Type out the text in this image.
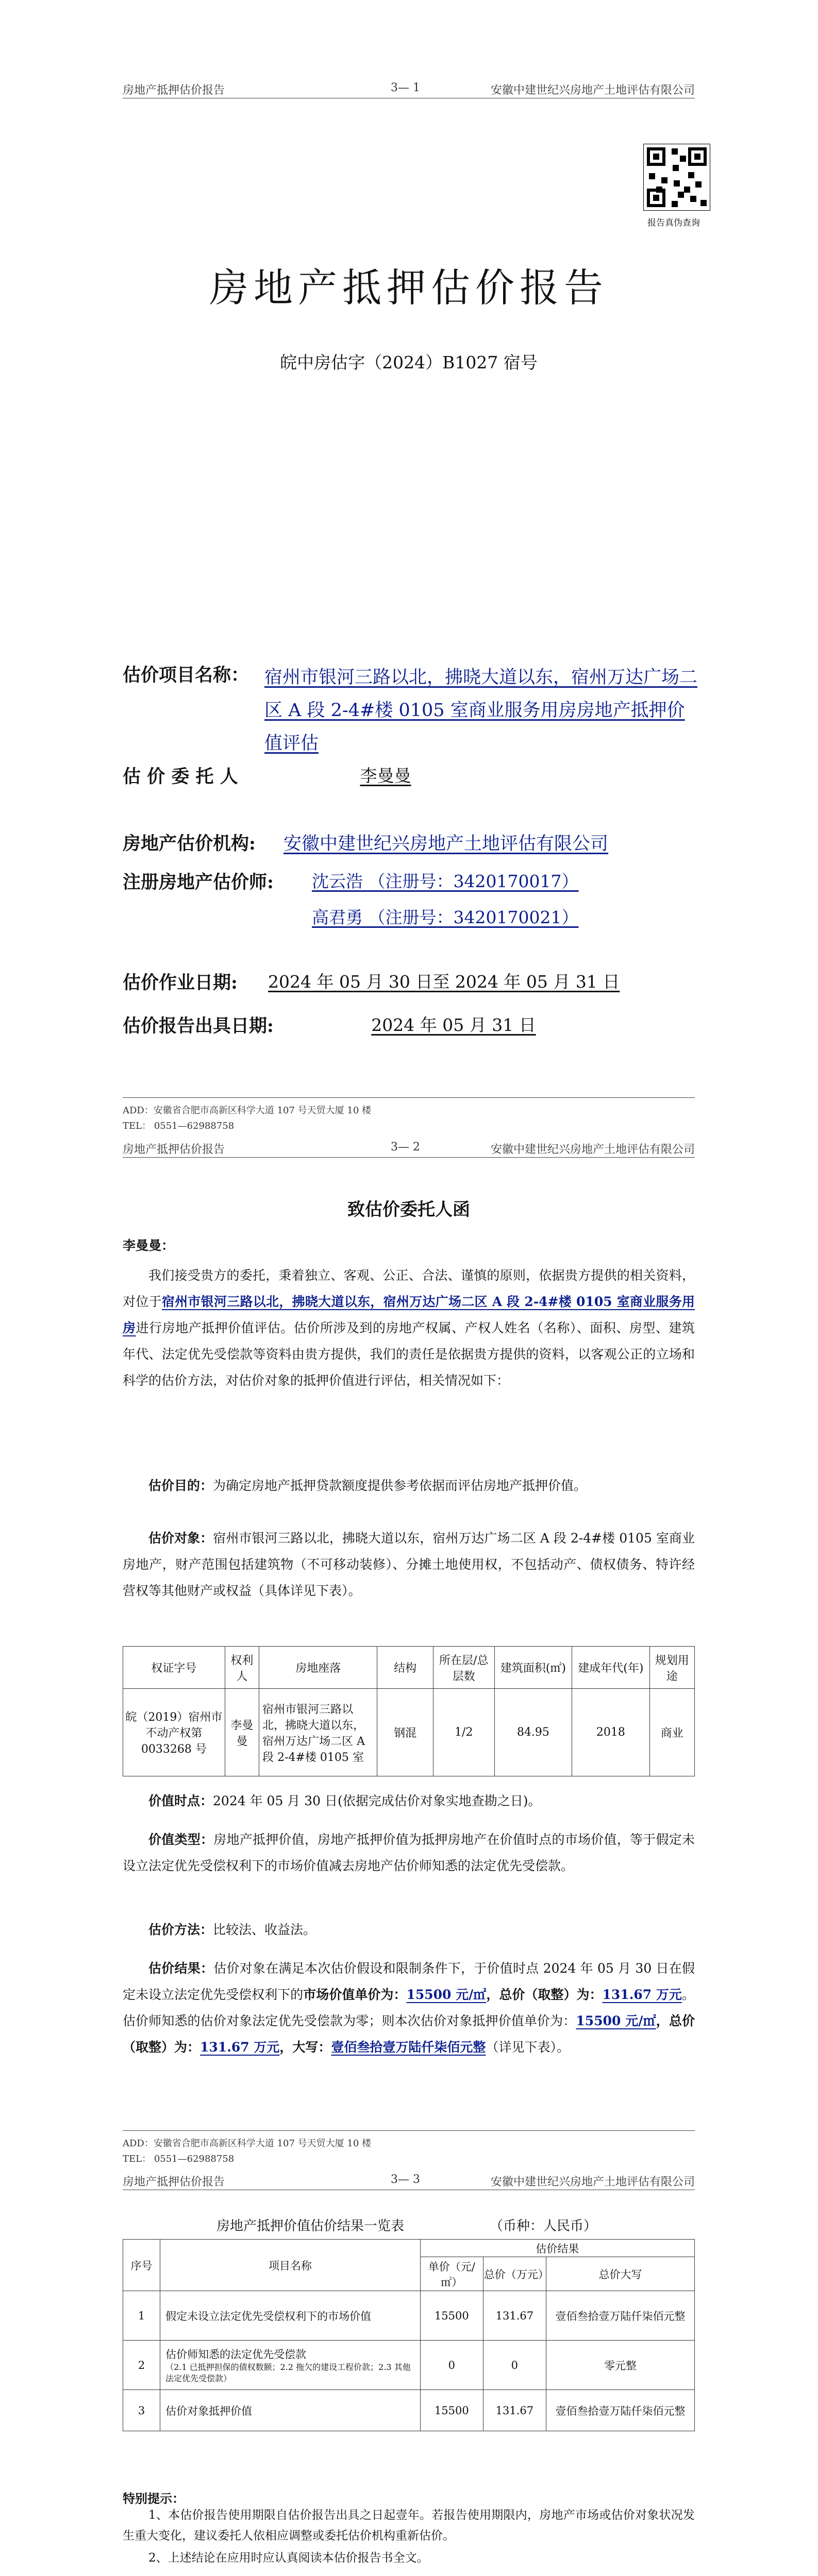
房地产抵押估价报告	3— 1	安徽中建世纪兴房地产土地评估有限公司
报告真伪查询
房地产抵押估价报告
皖中房估字（2024）B1027 宿号
估价项目名称： 宿州市银河三路以北，拂晓大道以东，宿州万达广场二区 A 段 2-4#楼 0105 室商业服务用房房地产抵押价值评估
估 价 委 托 人	李曼曼
房地产估价机构: 安徽中建世纪兴房地产土地评估有限公司
注册房地产估价师: 沈云浩 （注册号：3420170017）
高君勇 （注册号：3420170021）
估价作业日期: 2024 年 05 月 30 日至 2024 年 05 月 31 日
估价报告出具日期:	2024 年 05 月 31 日
ADD：安徽省合肥市高新区科学大道 107 号天贸大厦 10 楼
TEL： 0551—62988758
房地产抵押估价报告	3— 2	安徽中建世纪兴房地产土地评估有限公司
致估价委托人函
李曼曼：
我们接受贵方的委托，秉着独立、客观、公正、合法、谨慎的原则，依据贵方提供的相关资料，对位于宿州市银河三路以北，拂晓大道以东，宿州万达广场二区 A 段 2-4#楼 0105 室商业服务用房进行房地产抵押价值评估。估价所涉及到的房地产权属、产权人姓名（名称）、面积、房型、建筑年代、法定优先受偿款等资料由贵方提供，我们的责任是依据贵方提供的资料，以客观公正的立场和科学的估价方法，对估价对象的抵押价值进行评估，相关情况如下：
估价目的：为确定房地产抵押贷款额度提供参考依据而评估房地产抵押价值。
估价对象：宿州市银河三路以北，拂晓大道以东，宿州万达广场二区 A 段 2-4#楼 0105 室商业房地产，财产范围包括建筑物（不可移动装修）、分摊土地使用权，不包括动产、债权债务、特许经营权等其他财产或权益（具体详见下表）。
权证字号	权利人	房地座落	结构	所在层/总层数	建筑面积(㎡)	建成年代(年)	规划用途
皖（2019）宿州市不动产权第 0033268 号	李曼曼	宿州市银河三路以北，拂晓大道以东，宿州万达广场二区 A 段 2-4#楼 0105 室	钢混	1/2	84.95	2018	商业
价值时点：2024 年 05 月 30 日(依据完成估价对象实地查勘之日)。
价值类型：房地产抵押价值，房地产抵押价值为抵押房地产在价值时点的市场价值，等于假定未设立法定优先受偿权利下的市场价值减去房地产估价师知悉的法定优先受偿款。
估价方法：比较法、收益法。
估价结果：估价对象在满足本次估价假设和限制条件下，于价值时点 2024 年 05 月 30 日在假定未设立法定优先受偿权利下的市场价值单价为：15500 元/㎡，总价（取整）为：131.67 万元。估价师知悉的估价对象法定优先受偿款为零；则本次估价对象抵押价值单价为：15500 元/㎡，总价（取整）为：131.67 万元，大写：壹佰叁拾壹万陆仟柒佰元整（详见下表）。
ADD：安徽省合肥市高新区科学大道 107 号天贸大厦 10 楼
TEL： 0551—62988758
房地产抵押估价报告	3— 3	安徽中建世纪兴房地产土地评估有限公司
房地产抵押价值估价结果一览表	（币种：人民币）
序号	项目名称	估价结果		
		单价（元/㎡）	总价（万元）	总价大写
1	假定未设立法定优先受偿权利下的市场价值	15500	131.67	壹佰叁拾壹万陆仟柒佰元整
2	估价师知悉的法定优先受偿款
（2.1 已抵押担保的债权数额；2.2 拖欠的建设工程价款；2.3 其他法定优先受偿款）	0	0	零元整
3	估价对象抵押价值	15500	131.67	壹佰叁拾壹万陆仟柒佰元整
特别提示：
1、本估价报告使用期限自估价报告出具之日起壹年。若报告使用期限内，房地产市场或估价对象状况发生重大变化，建议委托人依相应调整或委托估价机构重新估价。
2、上述结论在应用时应认真阅读本估价报告书全文。
